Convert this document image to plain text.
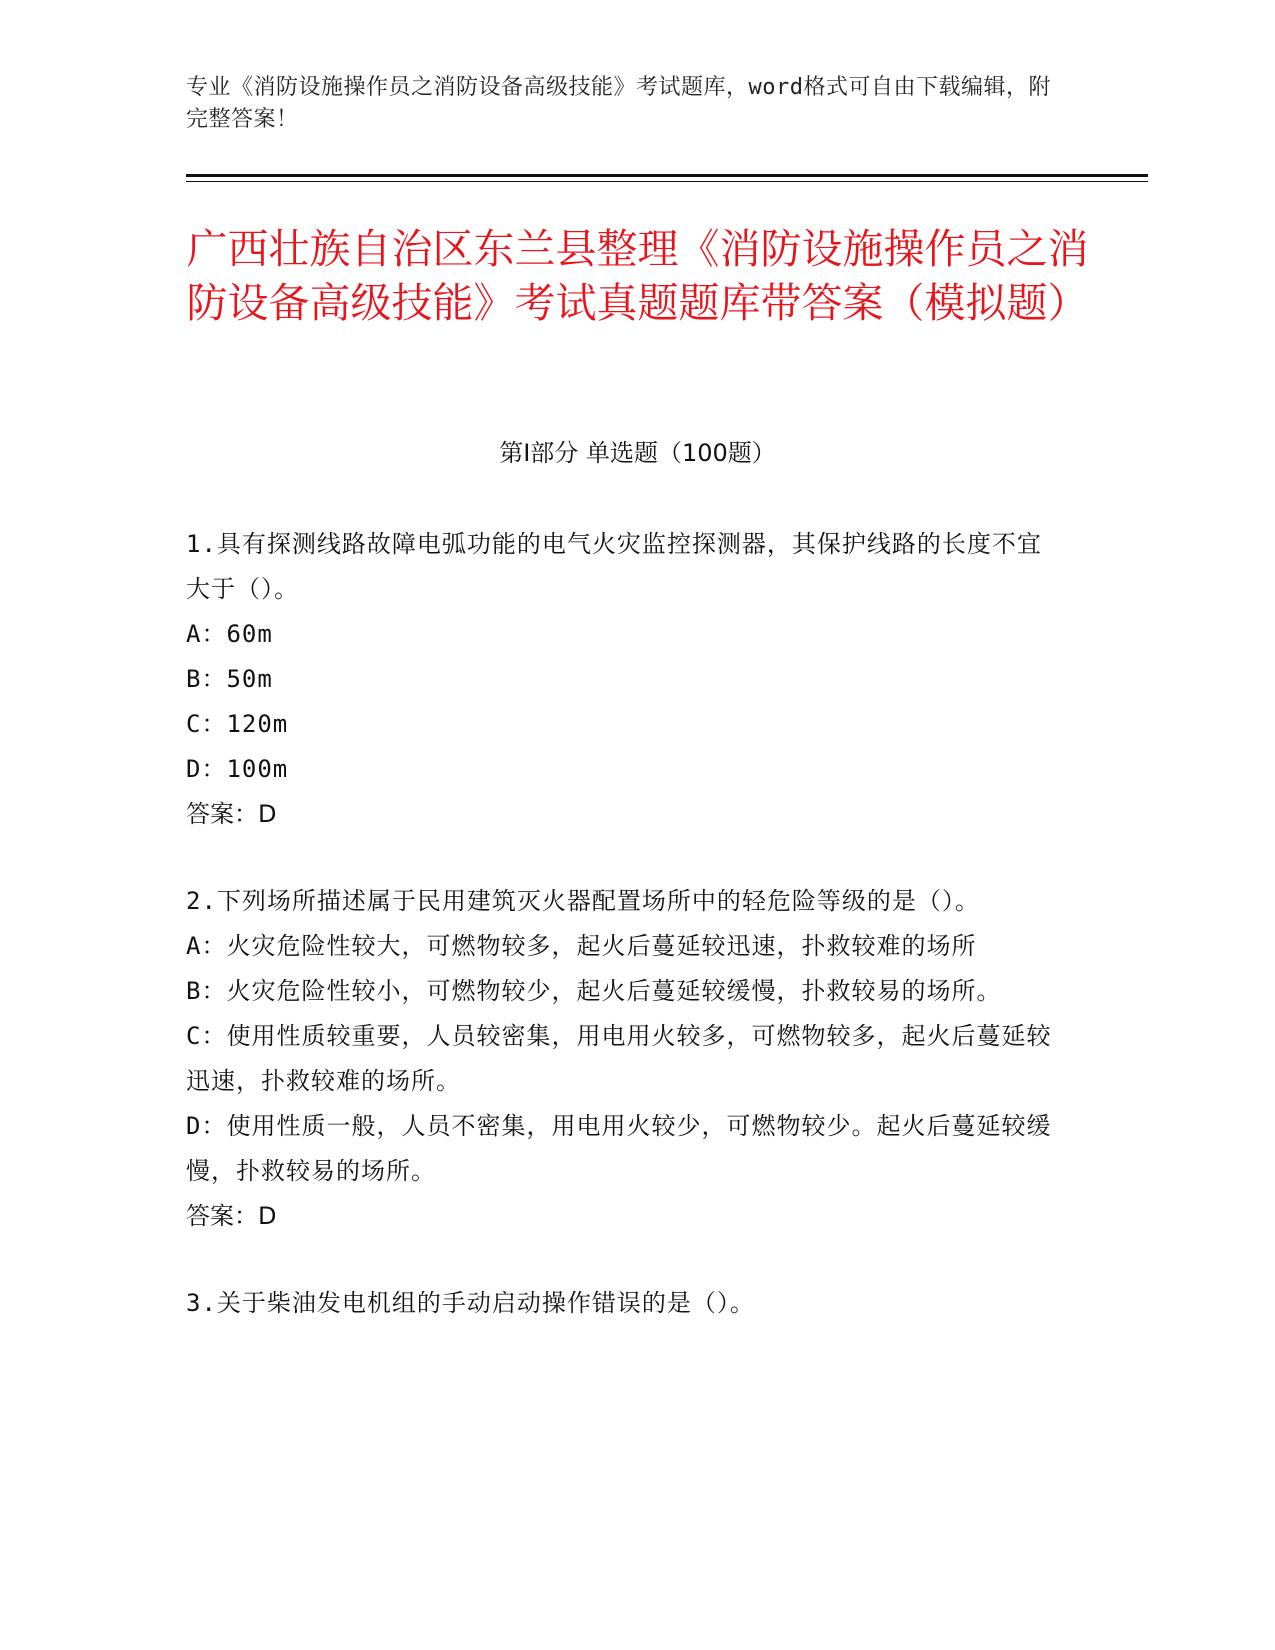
专业《消防设施操作员之消防设备高级技能》考试题库，word格式可自由下载编辑，附完整答案！
广西壮族自治区东兰县整理《消防设施操作员之消防设备高级技能》考试真题题库带答案（模拟题）
第Ⅰ部分 单选题（100题）

1.具有探测线路故障电弧功能的电气火灾监控探测器，其保护线路的长度不宜大于（）。

A：60m

B：50m

C：120m

D：100m

答案：D

2.下列场所描述属于民用建筑灭火器配置场所中的轻危险等级的是（）。

A：火灾危险性较大，可燃物较多，起火后蔓延较迅速，扑救较难的场所

B：火灾危险性较小，可燃物较少，起火后蔓延较缓慢，扑救较易的场所。

C：使用性质较重要，人员较密集，用电用火较多，可燃物较多，起火后蔓延较迅速，扑救较难的场所。

D：使用性质一般，人员不密集，用电用火较少，可燃物较少。起火后蔓延较缓慢，扑救较易的场所。

答案：D

3.关于柴油发电机组的手动启动操作错误的是（）。
